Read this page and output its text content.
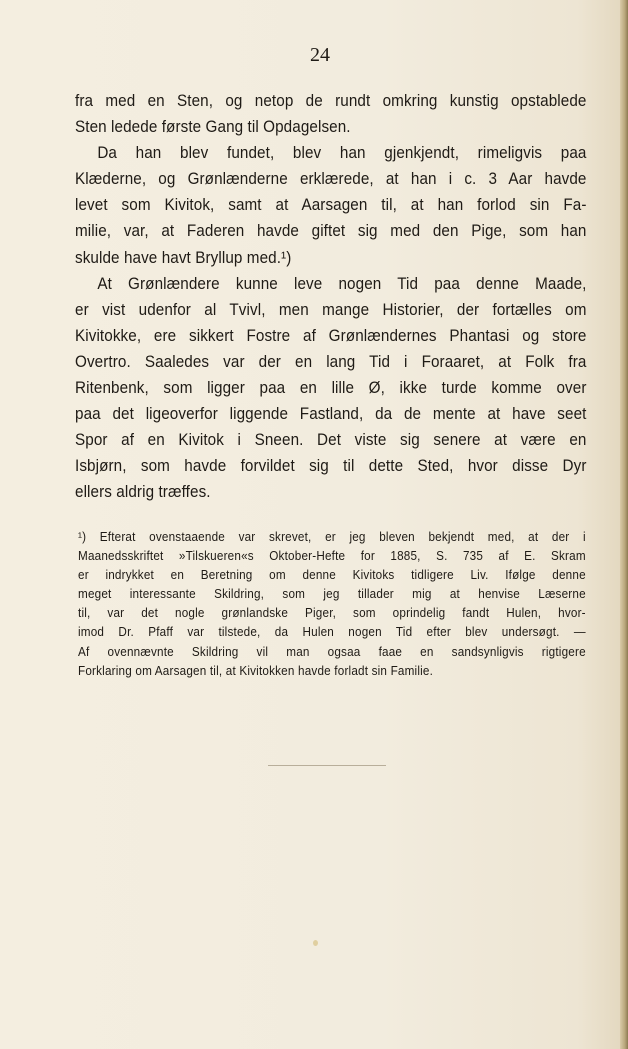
24
fra med en Sten, og netop de rundt omkring kunstig opstablede
Sten ledede første Gang til Opdagelsen.
Da han blev fundet, blev han gjenkjendt, rimeligvis paa
Klæderne, og Grønlænderne erklærede, at han i c. 3 Aar havde
levet som Kivitok, samt at Aarsagen til, at han forlod sin Fa-
milie, var, at Faderen havde giftet sig med den Pige, som han
skulde have havt Bryllup med.¹)
At Grønlændere kunne leve nogen Tid paa denne Maade,
er vist udenfor al Tvivl, men mange Historier, der fortælles om
Kivitokke, ere sikkert Fostre af Grønlændernes Phantasi og store
Overtro. Saaledes var der en lang Tid i Foraaret, at Folk fra
Ritenbenk, som ligger paa en lille Ø, ikke turde komme over
paa det ligeoverfor liggende Fastland, da de mente at have seet
Spor af en Kivitok i Sneen. Det viste sig senere at være en
Isbjørn, som havde forvildet sig til dette Sted, hvor disse Dyr
ellers aldrig træffes.
¹) Efterat ovenstaaende var skrevet, er jeg bleven bekjendt med, at der i
Maanedsskriftet »Tilskueren«s Oktober-Hefte for 1885, S. 735 af E. Skram
er indrykket en Beretning om denne Kivitoks tidligere Liv. Ifølge denne
meget interessante Skildring, som jeg tillader mig at henvise Læserne
til, var det nogle grønlandske Piger, som oprindelig fandt Hulen, hvor-
imod Dr. Pfaff var tilstede, da Hulen nogen Tid efter blev undersøgt. —
Af ovennævnte Skildring vil man ogsaa faae en sandsynligvis rigtigere
Forklaring om Aarsagen til, at Kivitokken havde forladt sin Familie.
